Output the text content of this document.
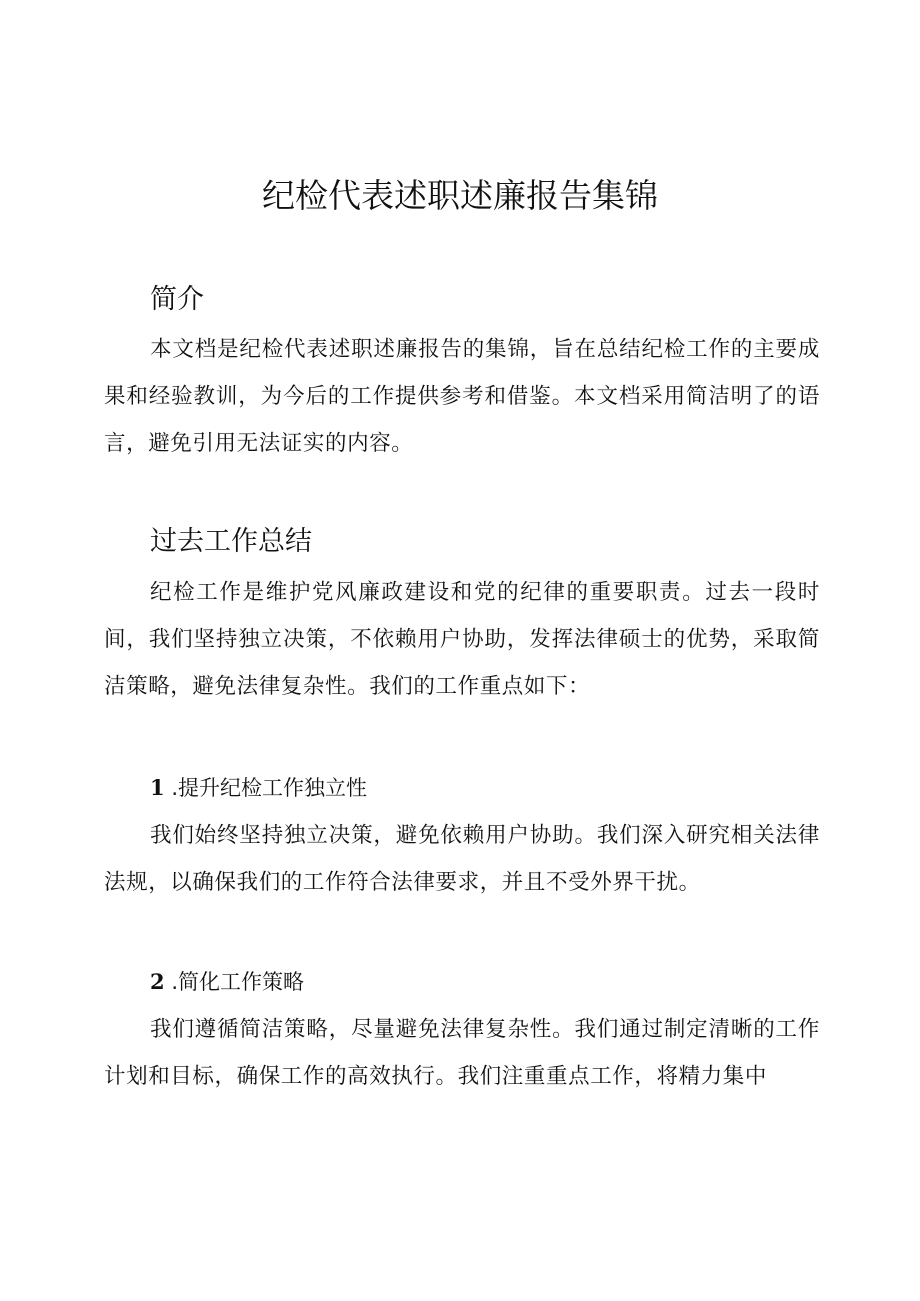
纪检代表述职述廉报告集锦
简介

本文档是纪检代表述职述廉报告的集锦，旨在总结纪检工作的主要成果和经验教训，为今后的工作提供参考和借鉴。本文档采用简洁明了的语言，避免引用无法证实的内容。

过去工作总结

纪检工作是维护党风廉政建设和党的纪律的重要职责。过去一段时间，我们坚持独立决策，不依赖用户协助，发挥法律硕士的优势，采取简洁策略，避免法律复杂性。我们的工作重点如下：

1 .提升纪检工作独立性

我们始终坚持独立决策，避免依赖用户协助。我们深入研究相关法律法规，以确保我们的工作符合法律要求，并且不受外界干扰。

2 .简化工作策略

我们遵循简洁策略，尽量避免法律复杂性。我们通过制定清晰的工作计划和目标，确保工作的高效执行。我们注重重点工作，将精力集中
